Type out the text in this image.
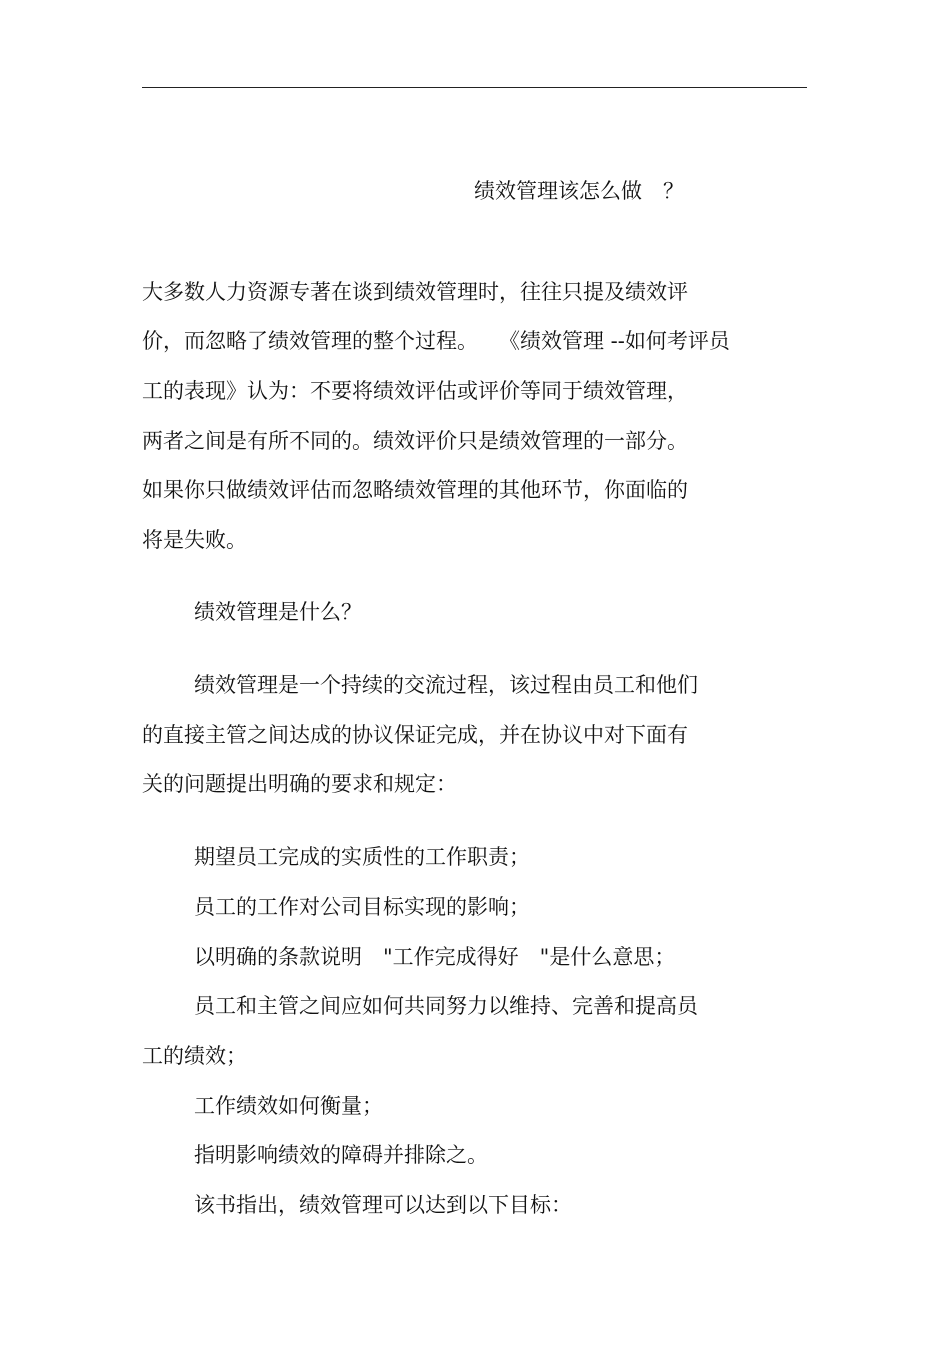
绩效管理该怎么做　？
大多数人力资源专著在谈到绩效管理时，往往只提及绩效评
价，而忽略了绩效管理的整个过程。　　《绩效管理 --如何考评员
工的表现》认为：不要将绩效评估或评价等同于绩效管理，
两者之间是有所不同的。绩效评价只是绩效管理的一部分。
如果你只做绩效评估而忽略绩效管理的其他环节，你面临的
将是失败。
绩效管理是什么？
绩效管理是一个持续的交流过程，该过程由员工和他们
的直接主管之间达成的协议保证完成，并在协议中对下面有
关的问题提出明确的要求和规定：
期望员工完成的实质性的工作职责；
员工的工作对公司目标实现的影响；
以明确的条款说明　"工作完成得好　"是什么意思；
员工和主管之间应如何共同努力以维持、完善和提高员
工的绩效；
工作绩效如何衡量；
指明影响绩效的障碍并排除之。
该书指出，绩效管理可以达到以下目标：
